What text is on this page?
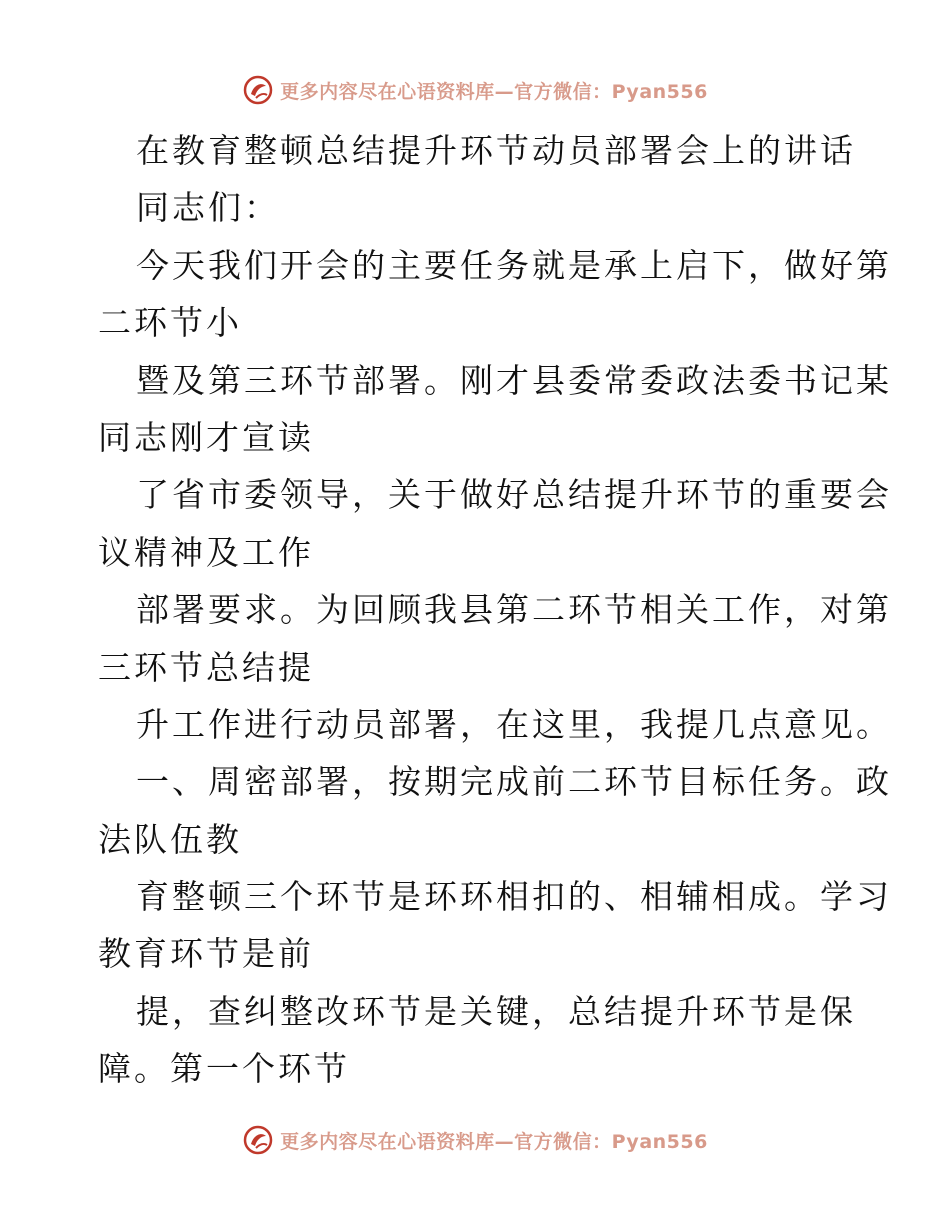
更多内容尽在心语资料库—官方微信：Pyan556
在教育整顿总结提升环节动员部署会上的讲话
同志们：
今天我们开会的主要任务就是承上启下，做好第
二环节小
暨及第三环节部署。刚才县委常委政法委书记某
同志刚才宣读
了省市委领导，关于做好总结提升环节的重要会
议精神及工作
部署要求。为回顾我县第二环节相关工作，对第
三环节总结提
升工作进行动员部署，在这里，我提几点意见。
一、周密部署，按期完成前二环节目标任务。政
法队伍教
育整顿三个环节是环环相扣的、相辅相成。学习
教育环节是前
提，查纠整改环节是关键，总结提升环节是保
障。第一个环节
更多内容尽在心语资料库—官方微信：Pyan556
